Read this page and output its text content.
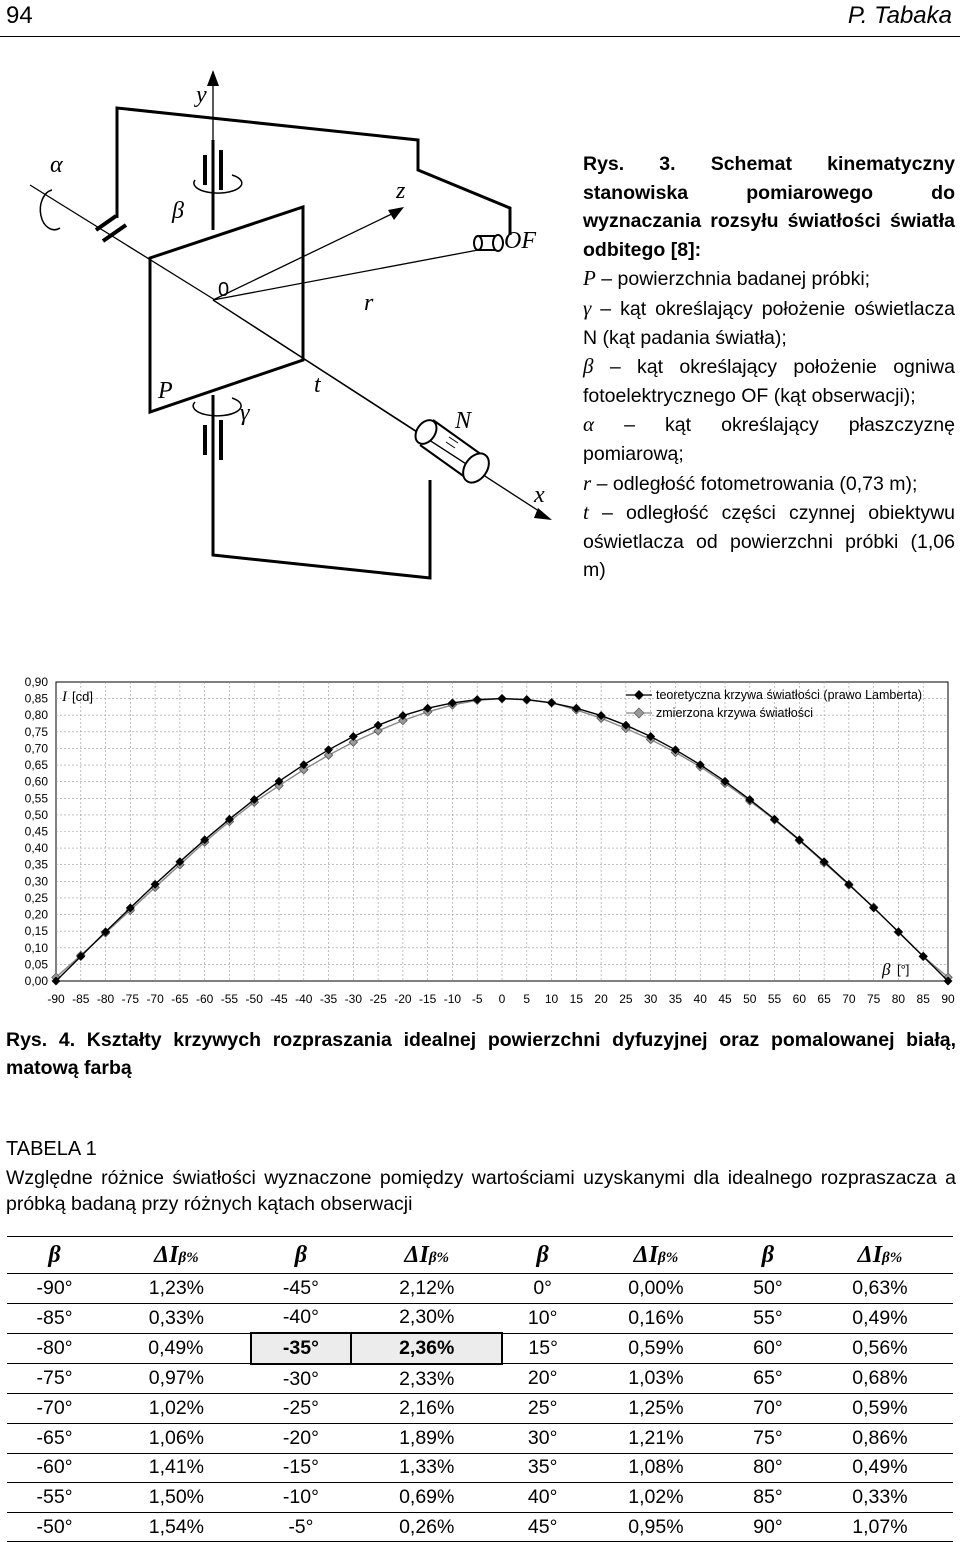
94	P. Tabaka
y
z
x
α
β
γ
P
r
t
N
OF
0
Rys. 3. Schemat kinematyczny stanowiska pomiarowego do wyznaczania rozsyłu światłości światła odbitego [8]:
P – powierzchnia badanej próbki;
γ – kąt określający położenie oświetlacza N (kąt padania światła);
β – kąt określający położenie ogniwa fotoelektrycznego OF (kąt obserwacji);
α – kąt określający płaszczyznę pomiarową;
r – odległość fotometrowania (0,73 m);
t – odległość części czynnej obiektywu oświetlacza od powierzchni próbki (1,06 m)
0,00
0,05
0,10
0,15
0,20
0,25
0,30
0,35
0,40
0,45
0,50
0,55
0,60
0,65
0,70
0,75
0,80
0,85
0,90
-90 -85 -80 -75 -70 -65 -60 -55 -50 -45 -40 -35 -30 -25 -20 -15 -10 -5 0 5 10 15 20 25 30 35 40 45 50 55 60 65 70 75 80 85 90
I [cd]
β [°]
teoretyczna krzywa światłości (prawo Lamberta)
zmierzona krzywa światłości
Rys. 4. Kształty krzywych rozpraszania idealnej powierzchni dyfuzyjnej oraz pomalowanej białą, matową farbą
TABELA 1
Względne różnice światłości wyznaczone pomiędzy wartościami uzyskanymi dla idealnego rozpraszacza a próbką badaną przy różnych kątach obserwacji
β	ΔIβ%	β	ΔIβ%	β	ΔIβ%	β	ΔIβ%
-90°	1,23%	-45°	2,12%	0°	0,00%	50°	0,63%
-85°	0,33%	-40°	2,30%	10°	0,16%	55°	0,49%
-80°	0,49%	-35°	2,36%	15°	0,59%	60°	0,56%
-75°	0,97%	-30°	2,33%	20°	1,03%	65°	0,68%
-70°	1,02%	-25°	2,16%	25°	1,25%	70°	0,59%
-65°	1,06%	-20°	1,89%	30°	1,21%	75°	0,86%
-60°	1,41%	-15°	1,33%	35°	1,08%	80°	0,49%
-55°	1,50%	-10°	0,69%	40°	1,02%	85°	0,33%
-50°	1,54%	-5°	0,26%	45°	0,95%	90°	1,07%
